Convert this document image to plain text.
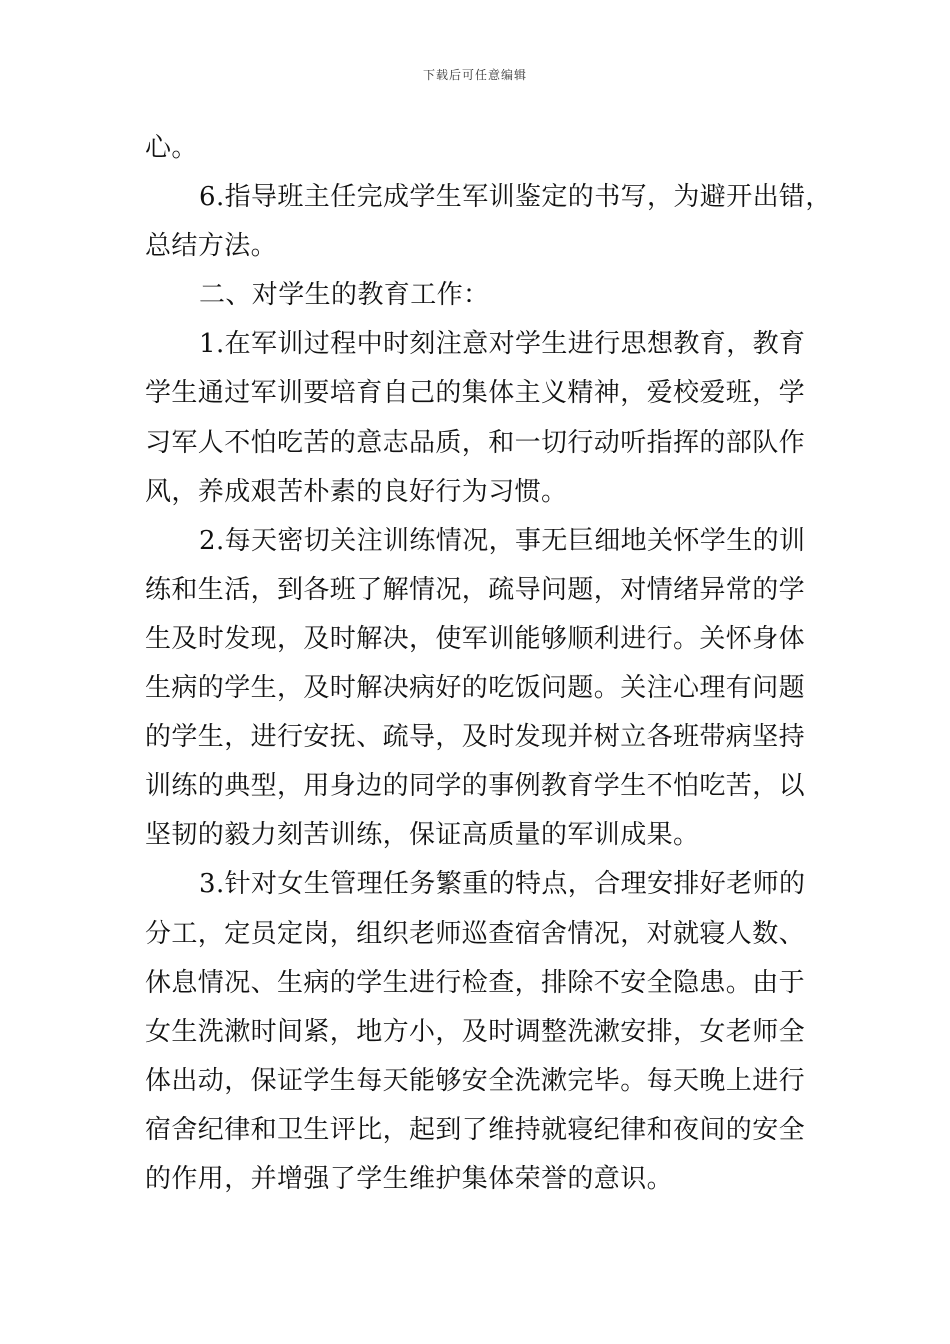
下载后可任意编辑
心。
6.指导班主任完成学生军训鉴定的书写，为避开出错，
总结方法。
二、对学生的教育工作：
1.在军训过程中时刻注意对学生进行思想教育，教育
学生通过军训要培育自己的集体主义精神，爱校爱班，学
习军人不怕吃苦的意志品质，和一切行动听指挥的部队作
风，养成艰苦朴素的良好行为习惯。
2.每天密切关注训练情况，事无巨细地关怀学生的训
练和生活，到各班了解情况，疏导问题，对情绪异常的学
生及时发现，及时解决，使军训能够顺利进行。关怀身体
生病的学生，及时解决病好的吃饭问题。关注心理有问题
的学生，进行安抚、疏导，及时发现并树立各班带病坚持
训练的典型，用身边的同学的事例教育学生不怕吃苦，以
坚韧的毅力刻苦训练，保证高质量的军训成果。
3.针对女生管理任务繁重的特点，合理安排好老师的
分工，定员定岗，组织老师巡查宿舍情况，对就寝人数、
休息情况、生病的学生进行检查，排除不安全隐患。由于
女生洗漱时间紧，地方小，及时调整洗漱安排，女老师全
体出动，保证学生每天能够安全洗漱完毕。每天晚上进行
宿舍纪律和卫生评比，起到了维持就寝纪律和夜间的安全
的作用，并增强了学生维护集体荣誉的意识。
